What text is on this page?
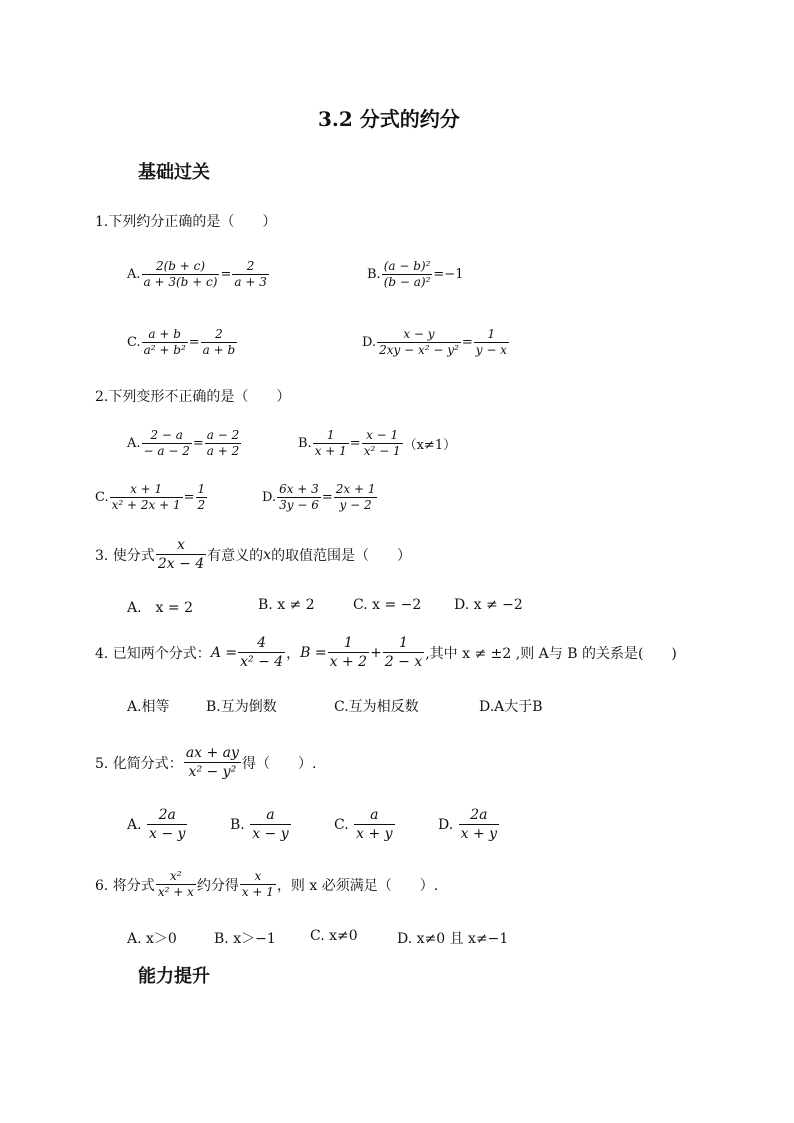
3.2 分式的约分
基础过关
1.下列约分正确的是（　　）
A. $\frac{2(b + c)}{a + 3(b + c)} = \frac{2}{a + 3}$	B. $\frac{\text{(a − b)²}}{\text{(b − a)²}} = -1$
C. $\frac{a + b}{\text{a² + b²}} = \frac{2}{a + b}$	D. $\frac{x - y}{\text{2xy − x² − y²}} = \frac{1}{y - x}$
2.下列变形不正确的是（　　）
A. $\frac{2 - a}{- a - 2} = \frac{a - 2}{a + 2}$	B. $\frac{1}{x + 1} = \frac{x - 1}{\text{x² − 1}} (x\ne 1)$
C. $\frac{x + 1}{\text{x² + 2x + 1}} = \frac{1}{2}$	D. $\frac{6x + 3}{3y - 6} = \frac{2x + 1}{y - 2}$
3. 使分式 $\frac{x}{2x - 4}$ 有意义的 x 的取值范围是（　　）
A.　x = 2	B. x ≠ 2	C. x = −2 D. x ≠ −2
4. 已知两个分式： $A = \frac{4}{\text{x² − 4}}$ ， $B = \frac{1}{x + 2} + \frac{1}{2 - x}$ ,其中 x ≠ ±2 ,则 A与 B 的关系是(　　)
A.相等	B.互为倒数	C.互为相反数	D.A大于B
5. 化简分式： $\frac{ax + ay}{\text{x² − y²}}$ 得（　　）.
A.
$\frac{2a}{x - y}$	B.
$\frac{a}{x - y}$	C.
$\frac{a}{x + y}$	D.
$\frac{2a}{x + y}$
6. 将分式 $\frac{\text{x²}}{\text{x² + x}}$ 约分得 $\frac{x}{x + 1}$ ，则 x 必须满足（　　）.
A. x＞0	B. x＞−1 C. x≠0	D. x≠0 且 x≠−1
能力提升
